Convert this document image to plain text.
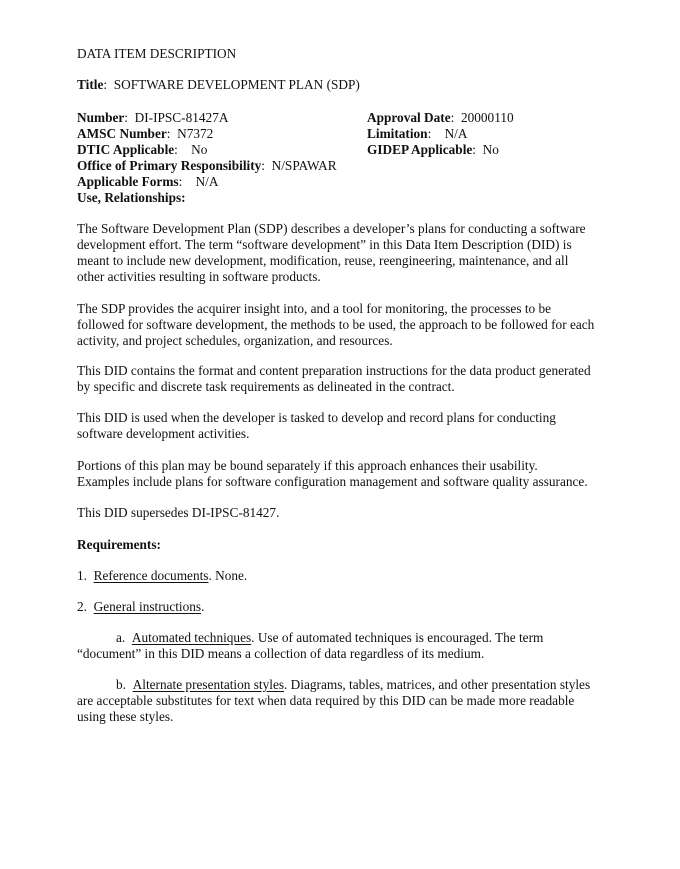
DATA ITEM DESCRIPTION
Title:  SOFTWARE DEVELOPMENT PLAN (SDP)
Number:  DI-IPSC-81427A
AMSC Number:  N7372
DTIC Applicable:    No
Office of Primary Responsibility:  N/SPAWAR
Applicable Forms:    N/A
Use, Relationships:
Approval Date:  20000110
Limitation:    N/A
GIDEP Applicable:  No

The Software Development Plan (SDP) describes a developer’s plans for conducting a software

development effort. The term “software development” in this Data Item Description (DID) is

meant to include new development, modification, reuse, reengineering, maintenance, and all

other activities resulting in software products.

The SDP provides the acquirer insight into, and a tool for monitoring, the processes to be

followed for software development, the methods to be used, the approach to be followed for each

activity, and project schedules, organization, and resources.

This DID contains the format and content preparation instructions for the data product generated

by specific and discrete task requirements as delineated in the contract.

This DID is used when the developer is tasked to develop and record plans for conducting

software development activities.

Portions of this plan may be bound separately if this approach enhances their usability.

Examples include plans for software configuration management and software quality assurance.

This DID supersedes DI-IPSC-81427.
Requirements:
1. Reference documents. None.
2. General instructions.
a. Automated techniques. Use of automated techniques is encouraged. The term
“document” in this DID means a collection of data regardless of its medium.
b. Alternate presentation styles. Diagrams, tables, matrices, and other presentation styles
are acceptable substitutes for text when data required by this DID can be made more readable
using these styles.
